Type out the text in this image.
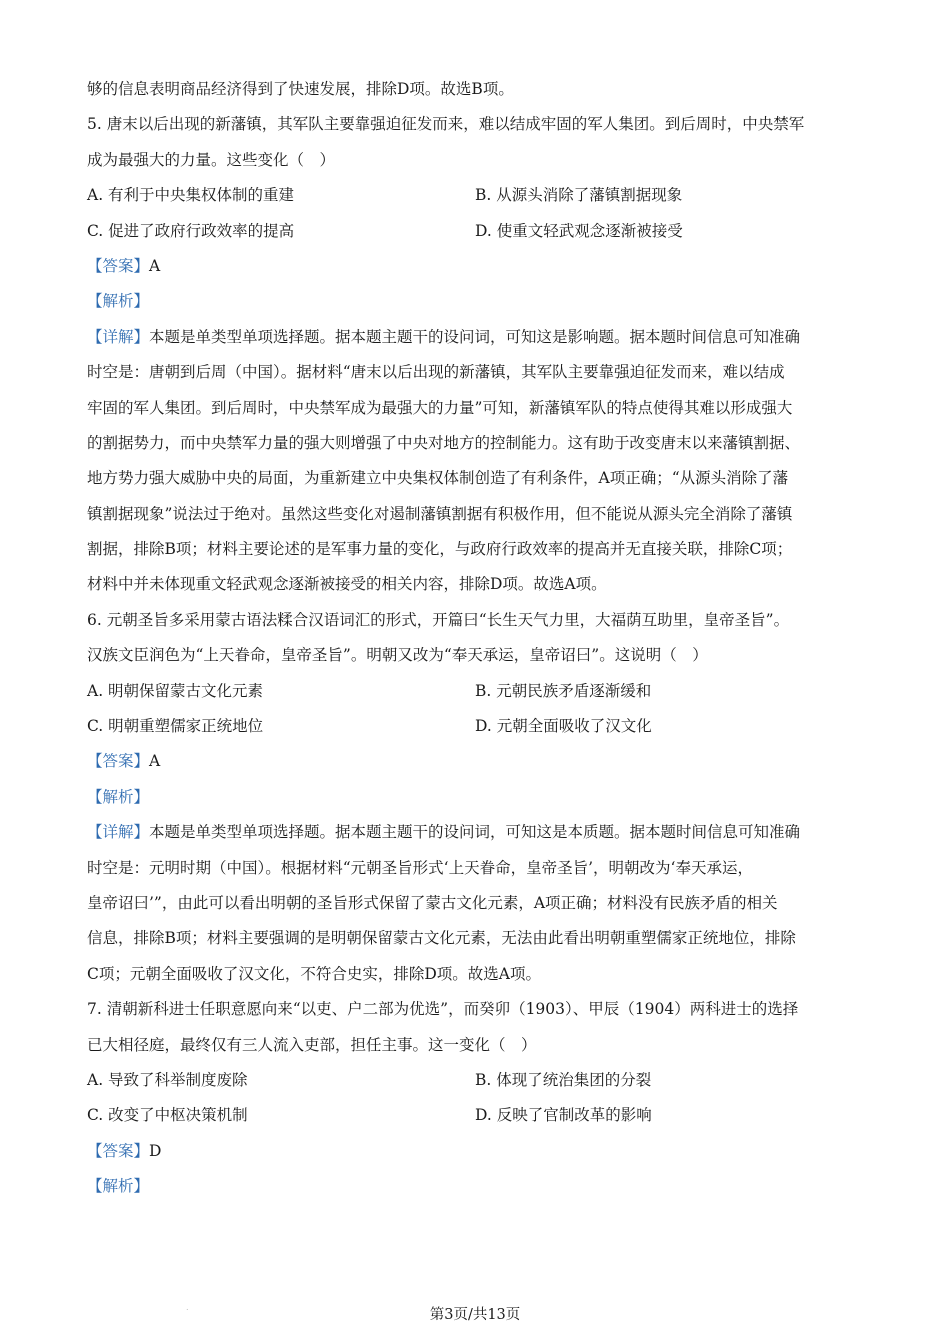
够的信息表明商品经济得到了快速发展，排除D项。故选B项。
5. 唐末以后出现的新藩镇，其军队主要靠强迫征发而来，难以结成牢固的军人集团。到后周时，中央禁军
成为最强大的力量。这些变化（　）
A. 有利于中央集权体制的重建	B. 从源头消除了藩镇割据现象
C. 促进了政府行政效率的提高	D. 使重文轻武观念逐渐被接受
【答案】A
【解析】
【详解】本题是单类型单项选择题。据本题主题干的设问词，可知这是影响题。据本题时间信息可知准确
时空是：唐朝到后周（中国）。据材料“唐末以后出现的新藩镇，其军队主要靠强迫征发而来，难以结成
牢固的军人集团。到后周时，中央禁军成为最强大的力量”可知，新藩镇军队的特点使得其难以形成强大
的割据势力，而中央禁军力量的强大则增强了中央对地方的控制能力。这有助于改变唐末以来藩镇割据、
地方势力强大威胁中央的局面，为重新建立中央集权体制创造了有利条件，A项正确；“从源头消除了藩
镇割据现象”说法过于绝对。虽然这些变化对遏制藩镇割据有积极作用，但不能说从源头完全消除了藩镇
割据，排除B项；材料主要论述的是军事力量的变化，与政府行政效率的提高并无直接关联，排除C项；
材料中并未体现重文轻武观念逐渐被接受的相关内容，排除D项。故选A项。
6. 元朝圣旨多采用蒙古语法糅合汉语词汇的形式，开篇曰“长生天气力里，大福荫互助里，皇帝圣旨”。
汉族文臣润色为“上天眷命，皇帝圣旨”。明朝又改为“奉天承运，皇帝诏曰”。这说明（　）
A. 明朝保留蒙古文化元素	B. 元朝民族矛盾逐渐缓和
C. 明朝重塑儒家正统地位	D. 元朝全面吸收了汉文化
【答案】A
【解析】
【详解】本题是单类型单项选择题。据本题主题干的设问词，可知这是本质题。据本题时间信息可知准确
时空是：元明时期（中国）。根据材料“元朝圣旨形式‘上天眷命，皇帝圣旨’，明朝改为‘奉天承运，
皇帝诏曰’”，由此可以看出明朝的圣旨形式保留了蒙古文化元素，A项正确；材料没有民族矛盾的相关
信息，排除B项；材料主要强调的是明朝保留蒙古文化元素，无法由此看出明朝重塑儒家正统地位，排除
C项；元朝全面吸收了汉文化，不符合史实，排除D项。故选A项。
7. 清朝新科进士任职意愿向来“以吏、户二部为优选”，而癸卯（1903）、甲辰（1904）两科进士的选择
已大相径庭，最终仅有三人流入吏部，担任主事。这一变化（　）
A. 导致了科举制度废除	B. 体现了统治集团的分裂
C. 改变了中枢决策机制	D. 反映了官制改革的影响
【答案】D
【解析】
.	第3页/共13页
